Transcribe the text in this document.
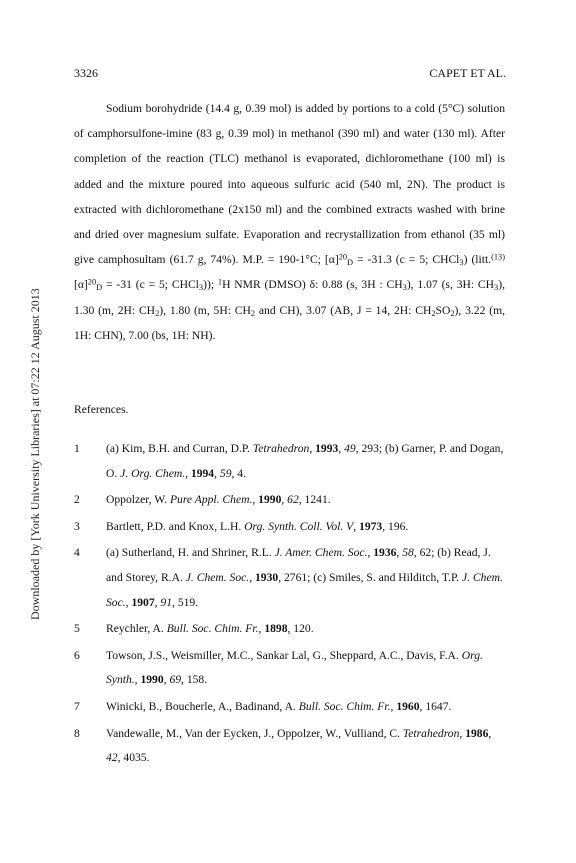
3326	CAPET ET AL.
Downloaded by [York University Libraries] at 07:22 12 August 2013

Sodium borohydride (14.4 g, 0.39 mol) is added by portions to a cold (5°C) solution of camphorsulfone-imine (83 g, 0.39 mol) in methanol (390 ml) and water (130 ml). After completion of the reaction (TLC) methanol is evaporated, dichloromethane (100 ml) is added and the mixture poured into aqueous sulfuric acid (540 ml, 2N). The product is extracted with dichloromethane (2x150 ml) and the combined extracts washed with brine and dried over magnesium sulfate. Evaporation and recrystallization from ethanol (35 ml) give camphosultam (61.7 g, 74%). M.P. = 190-1°C; $[\alpha]^{20}_D = -31.3$ (c = 5; CHCl$_3$) (litt.$^{(13)}$ $[\alpha]^{20}_D = -31$ (c = 5; CHCl$_3$)); $^1$H NMR (DMSO) δ: 0.88 (s, 3H : $CH_3$), 1.07 (s, 3H: $CH_3$), 1.30 (m, 2H: $CH_2$), 1.80 (m, 5H: $CH_2$ and CH), 3.07 (AB, J = 14, 2H: $CH_2SO_2$), 3.22 (m, 1H: CHN), 7.00 (bs, 1H: NH).

References.
1 (a) Kim, B.H. and Curran, D.P. Tetrahedron, 1993, 49, 293; (b) Garner, P. and Dogan, O. J. Org. Chem., 1994, 59, 4.
2 Oppolzer, W. Pure Appl. Chem., 1990, 62, 1241.
3 Bartlett, P.D. and Knox, L.H. Org. Synth. Coll. Vol. V, 1973, 196.
4 (a) Sutherland, H. and Shriner, R.L. J. Amer. Chem. Soc., 1936, 58, 62; (b) Read, J. and Storey, R.A. J. Chem. Soc., 1930, 2761; (c) Smiles, S. and Hilditch, T.P. J. Chem. Soc., 1907, 91, 519.
5 Reychler, A. Bull. Soc. Chim. Fr., 1898, 120.
6 Towson, J.S., Weismiller, M.C., Sankar Lal, G., Sheppard, A.C., Davis, F.A. Org. Synth., 1990, 69, 158.
7 Winicki, B., Boucherle, A., Badinand, A. Bull. Soc. Chim. Fr., 1960, 1647.
8 Vandewalle, M., Van der Eycken, J., Oppolzer, W., Vulliand, C. Tetrahedron, 1986, 42, 4035.
